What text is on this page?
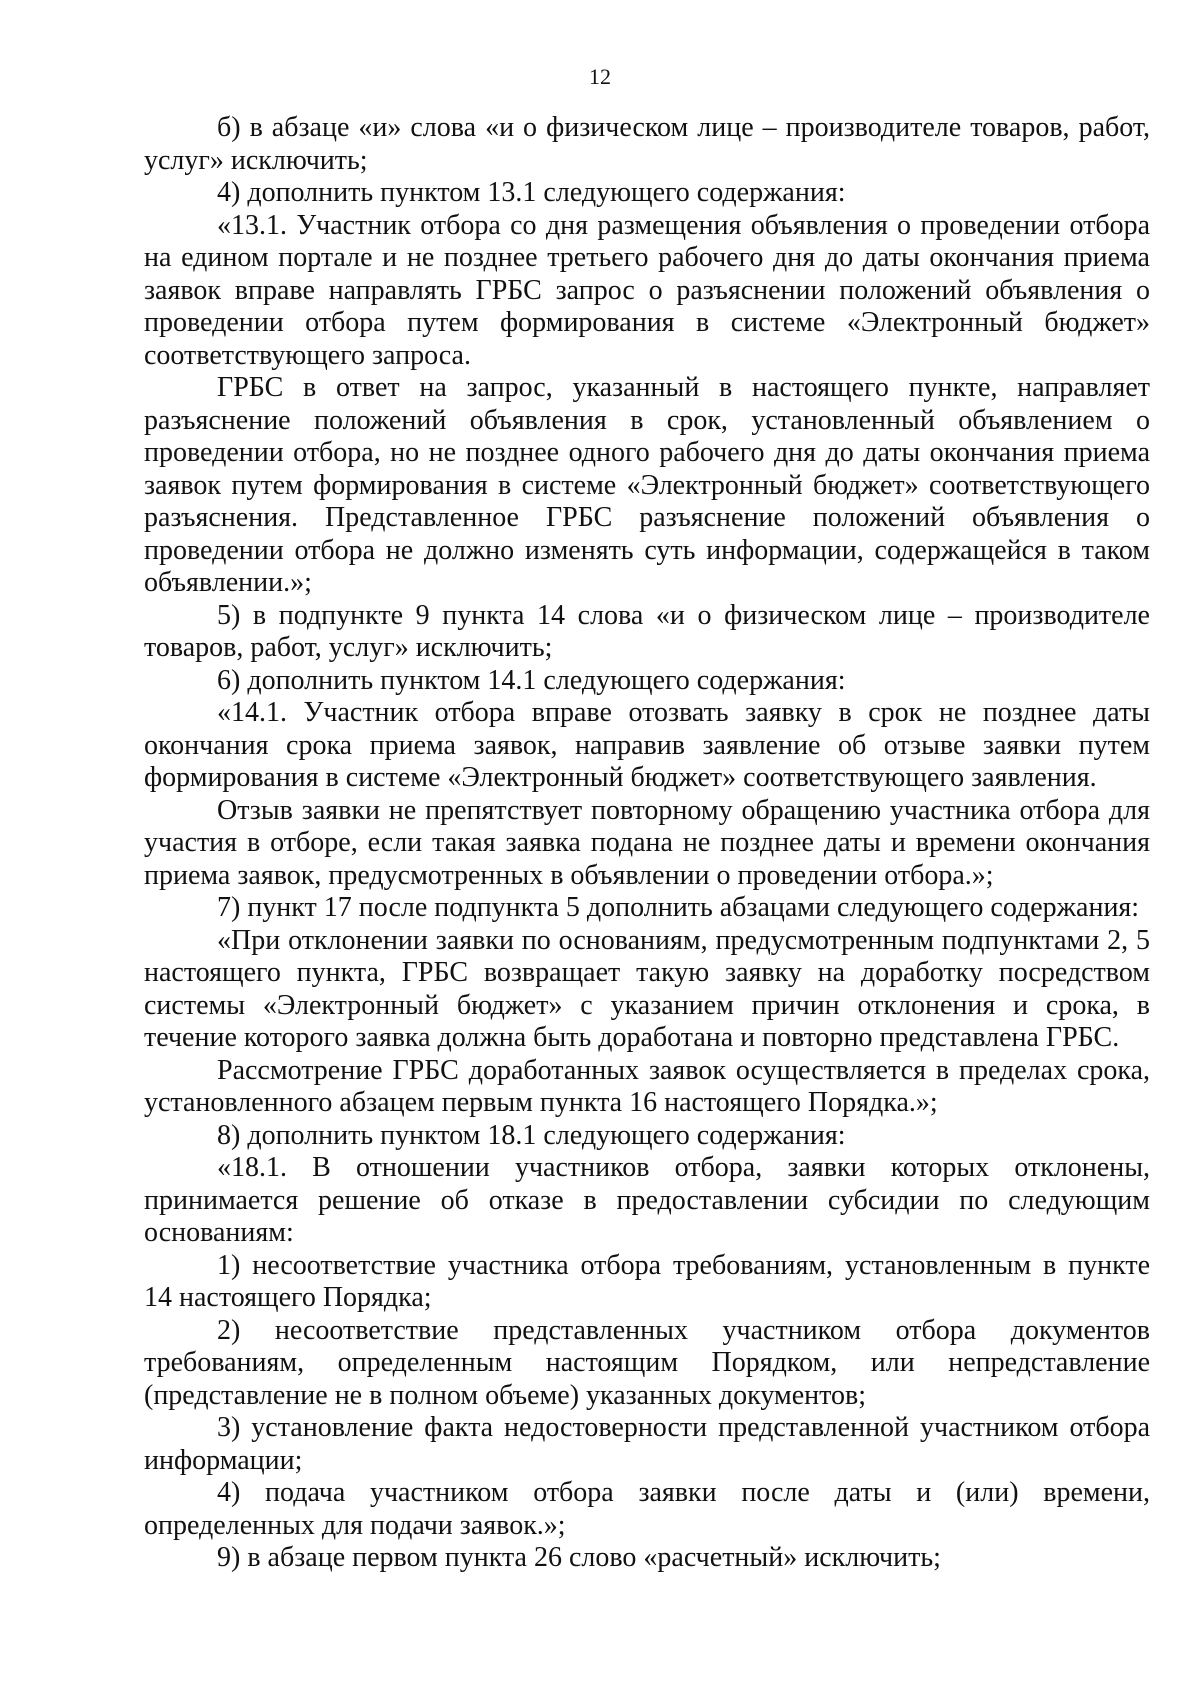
12

б) в абзаце «и» слова «и о физическом лице – производителе товаров, работ, услуг» исключить;

4) дополнить пунктом 13.1 следующего содержания:

«13.1. Участник отбора со дня размещения объявления о проведении отбора на едином портале и не позднее третьего рабочего дня до даты окончания приема заявок вправе направлять ГРБС запрос о разъяснении положений объявления о проведении отбора путем формирования в системе «Электронный бюджет» соответствующего запроса.

ГРБС в ответ на запрос, указанный в настоящего пункте, направляет разъяснение положений объявления в срок, установленный объявлением о проведении отбора, но не позднее одного рабочего дня до даты окончания приема заявок путем формирования в системе «Электронный бюджет» соответствующего разъяснения. Представленное ГРБС разъяснение положений объявления о проведении отбора не должно изменять суть информации, содержащейся в таком объявлении.»;

5) в подпункте 9 пункта 14 слова «и о физическом лице – производителе товаров, работ, услуг» исключить;

6) дополнить пунктом 14.1 следующего содержания:

«14.1. Участник отбора вправе отозвать заявку в срок не позднее даты окончания срока приема заявок, направив заявление об отзыве заявки путем формирования в системе «Электронный бюджет» соответствующего заявления.

Отзыв заявки не препятствует повторному обращению участника отбора для участия в отборе, если такая заявка подана не позднее даты и времени окончания приема заявок, предусмотренных в объявлении о проведении отбора.»;

7) пункт 17 после подпункта 5 дополнить абзацами следующего содержания:

«При отклонении заявки по основаниям, предусмотренным подпунктами 2, 5 настоящего пункта, ГРБС возвращает такую заявку на доработку посредством системы «Электронный бюджет» с указанием причин отклонения и срока, в течение которого заявка должна быть доработана и повторно представлена ГРБС.

Рассмотрение ГРБС доработанных заявок осуществляется в пределах срока, установленного абзацем первым пункта 16 настоящего Порядка.»;

8) дополнить пунктом 18.1 следующего содержания:

«18.1. В отношении участников отбора, заявки которых отклонены, принимается решение об отказе в предоставлении субсидии по следующим основаниям:

1) несоответствие участника отбора требованиям, установленным в пункте 14 настоящего Порядка;

2) несоответствие представленных участником отбора документов требованиям, определенным настоящим Порядком, или непредставление (представление не в полном объеме) указанных документов;

3) установление факта недостоверности представленной участником отбора информации;

4) подача участником отбора заявки после даты и (или) времени, определенных для подачи заявок.»;

9) в абзаце первом пункта 26 слово «расчетный» исключить;
